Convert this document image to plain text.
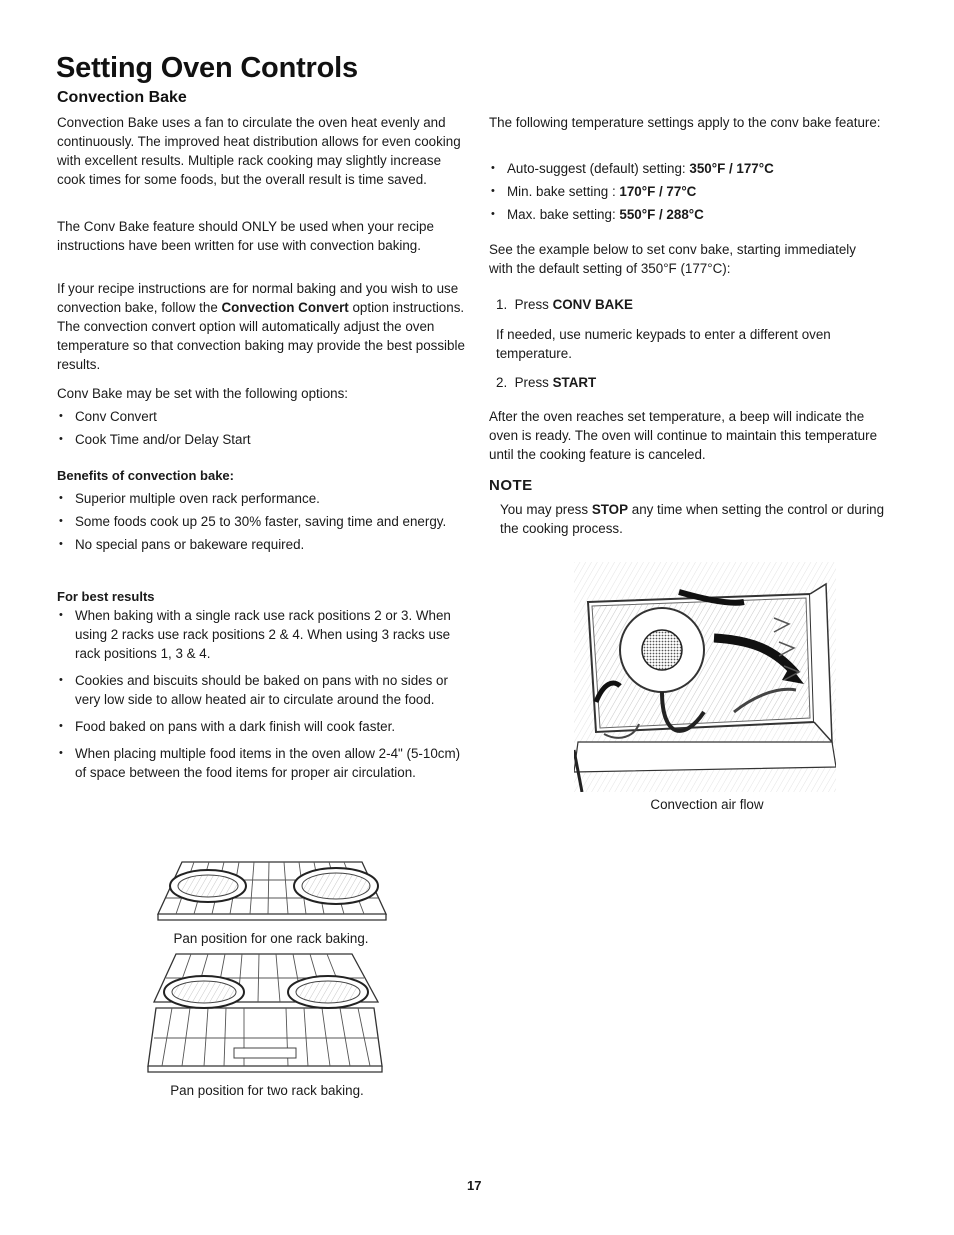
Setting Oven Controls
Convection Bake

Convection Bake uses a fan to circulate the oven heat evenly and continuously. The improved heat distribution allows for even cooking with excellent results. Multiple rack cooking may slightly increase cook times for some foods, but the overall result is time saved.

The Conv Bake feature should ONLY be used when your recipe instructions have been written for use with convection baking.

If your recipe instructions are for normal baking and you wish to use convection bake, follow the Convection Convert option instructions. The convection convert option will automatically adjust the oven temperature so that convection baking may provide the best possible results.

Conv Bake may be set with the following options:

• Conv Convert
• Cook Time and/or Delay Start
Benefits of convection bake:
• Superior multiple oven rack performance.
• Some foods cook up 25 to 30% faster, saving time and energy.
• No special pans or bakeware required.
For best results
• When baking with a single rack use rack positions 2 or 3. When using 2 racks use rack positions 2 & 4. When using 3 racks use rack positions 1, 3 & 4.
• Cookies and biscuits should be baked on pans with no sides or very low side to allow heated air to circulate around the food.
• Food baked on pans with a dark finish will cook faster.
• When placing multiple food items in the oven allow 2-4" (5-10cm) of space between the food items for proper air circulation.

The following temperature settings apply to the conv bake feature:

• Auto-suggest (default) setting: 350°F / 177°C
• Min. bake setting : 170°F / 77°C
• Max. bake setting: 550°F / 288°C

See the example below to set conv bake, starting immediately with the default setting of 350°F (177°C):

1. Press CONV BAKE

If needed, use numeric keypads to enter a different oven temperature.

2. Press START

After the oven reaches set temperature, a beep will indicate the oven is ready. The oven will continue to maintain this temperature until the cooking feature is canceled.

NOTE

You may press STOP any time when setting the control or during the cooking process.

Convection air flow
Pan position for one rack baking.
Pan position for two rack baking.
17
